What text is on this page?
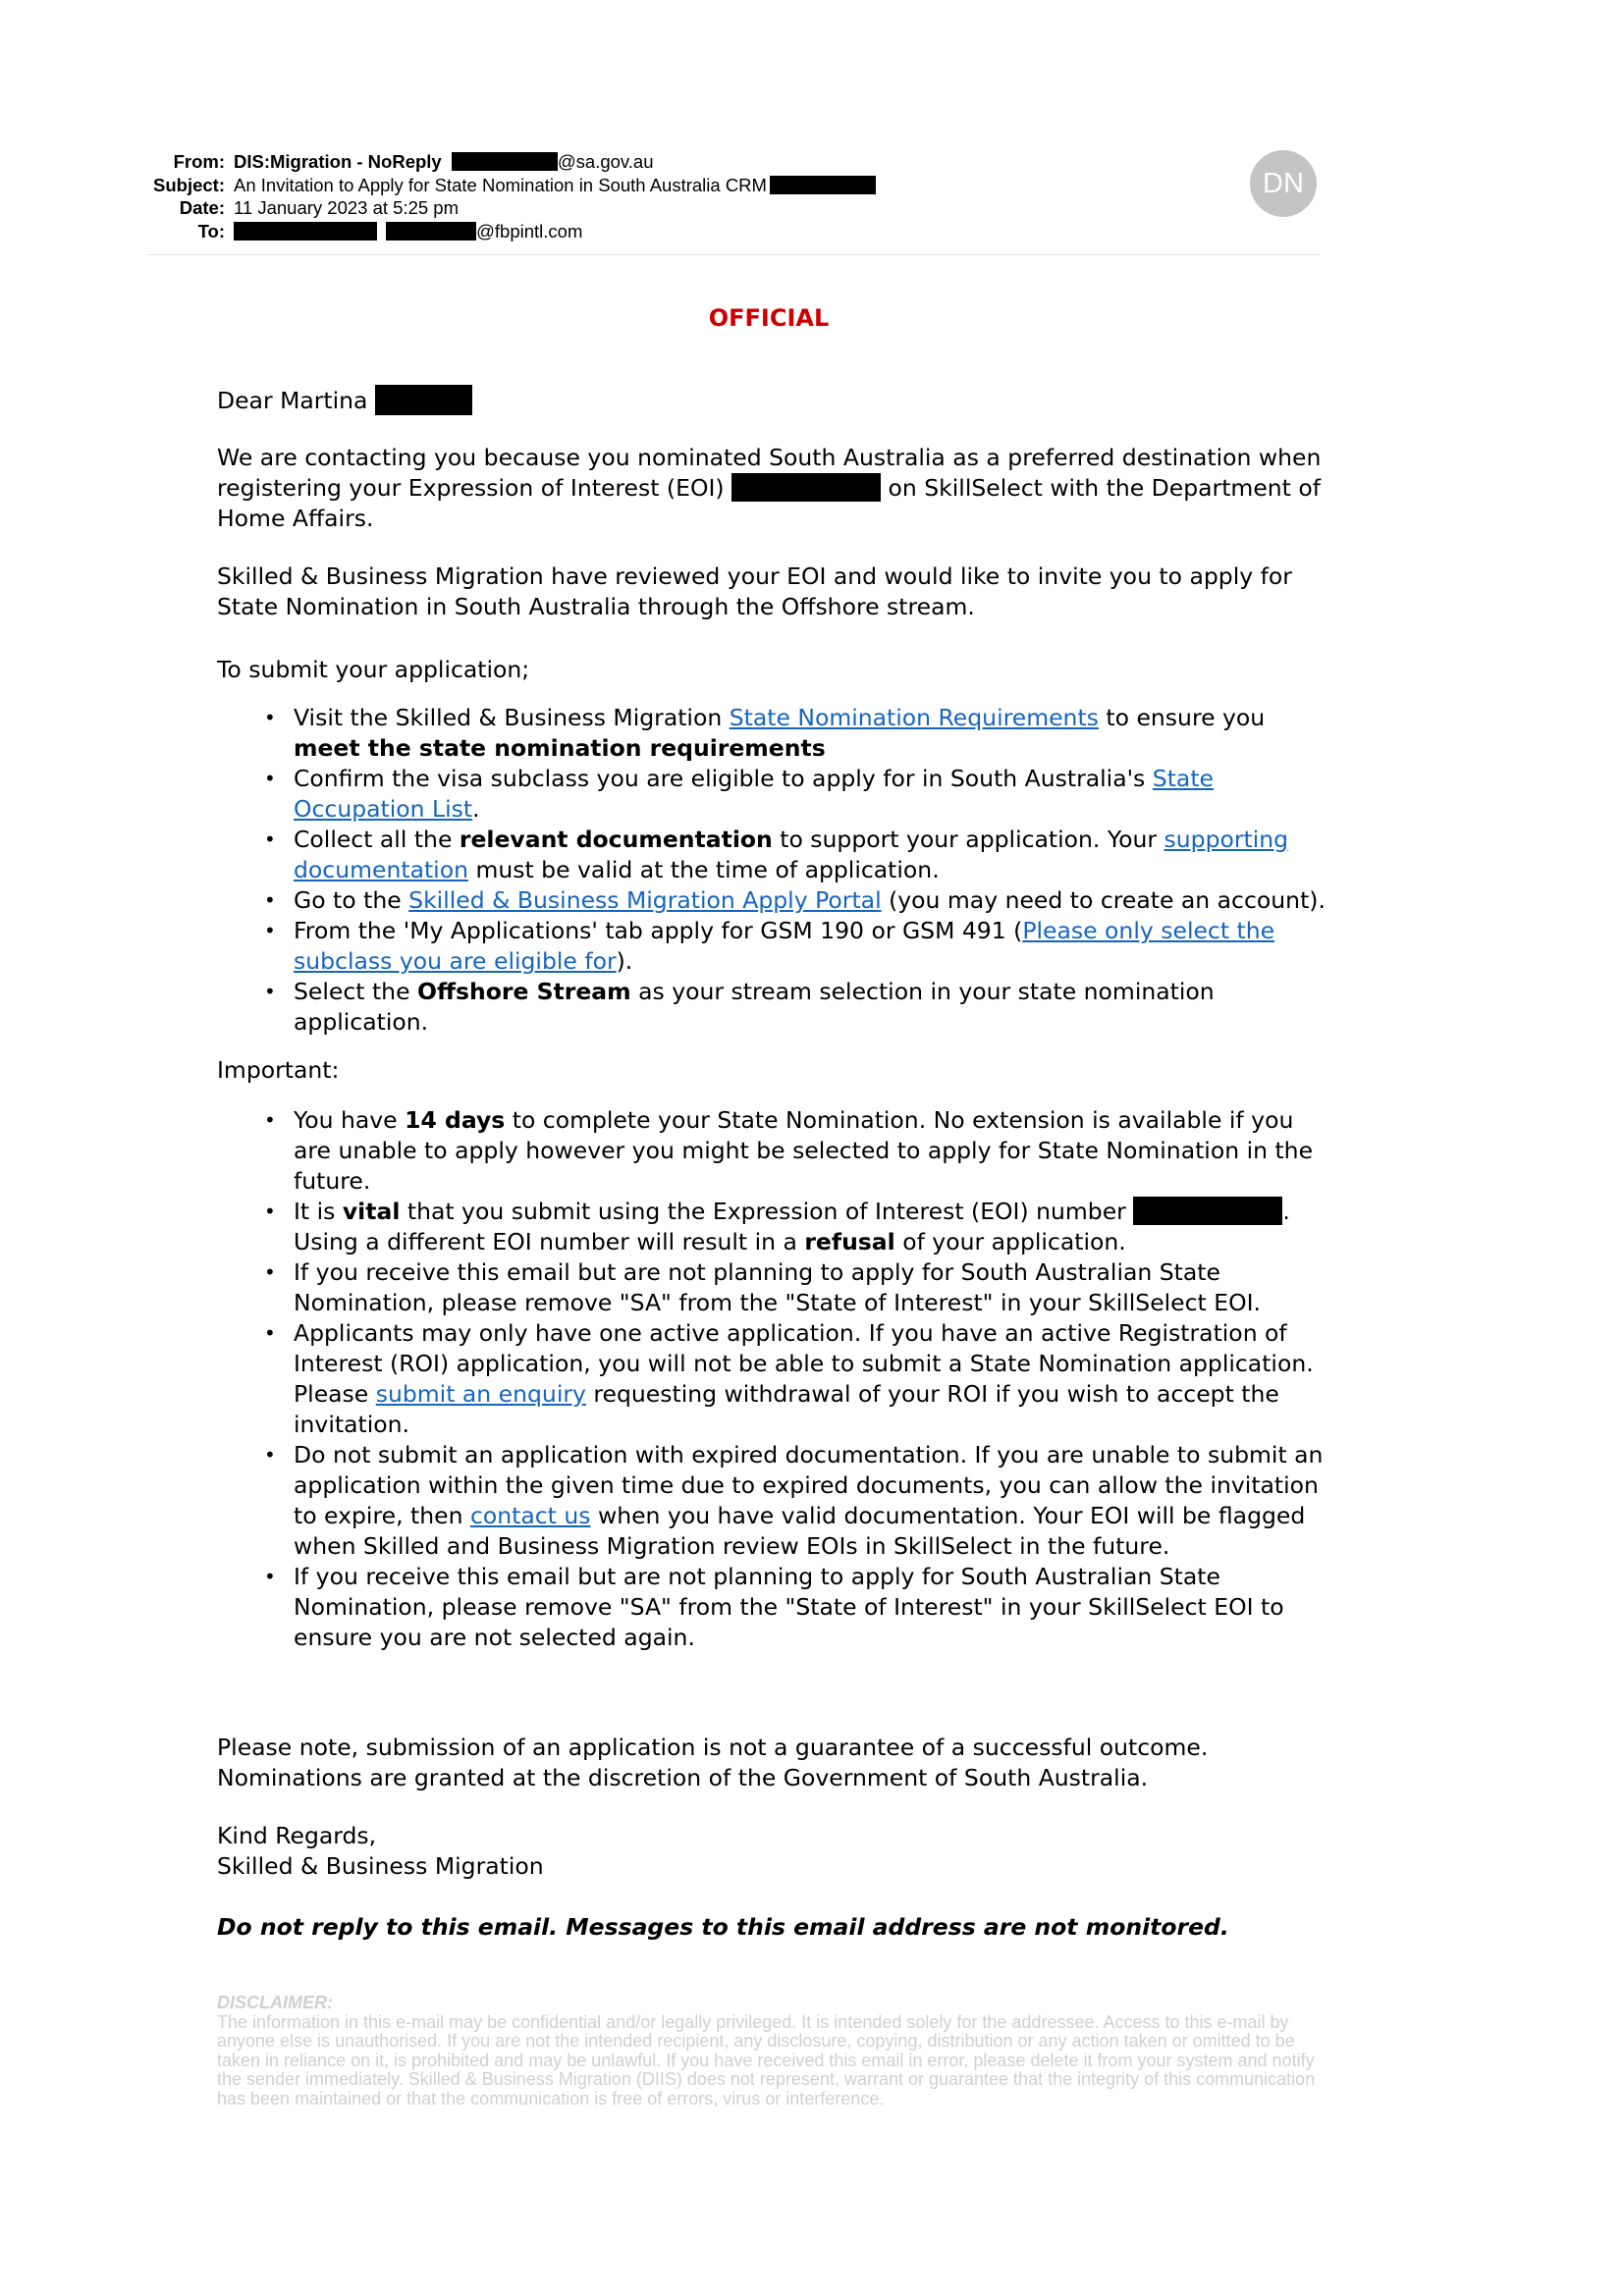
From: DIS:Migration - NoReply	@sa.gov.au
Subject: An Invitation to Apply for State Nomination in South Australia CRM
Date: 11 January 2023 at 5:25 pm
To:	@fbpintl.com
DN
OFFICIAL

Dear Martina

We are contacting you because you nominated South Australia as a preferred destination when registering your Expression of Interest (EOI)	on SkillSelect with the Department of Home Affairs.

Skilled & Business Migration have reviewed your EOI and would like to invite you to apply for State Nomination in South Australia through the Offshore stream.

To submit your application;

• Visit the Skilled & Business Migration State Nomination Requirements to ensure you meet the state nomination requirements
• Confirm the visa subclass you are eligible to apply for in South Australia's State Occupation List.
• Collect all the relevant documentation to support your application. Your supporting documentation must be valid at the time of application.
• Go to the Skilled & Business Migration Apply Portal (you may need to create an account).
• From the 'My Applications' tab apply for GSM 190 or GSM 491 (Please only select the subclass you are eligible for).
• Select the Offshore Stream as your stream selection in your state nomination application.

Important:

• You have 14 days to complete your State Nomination. No extension is available if you are unable to apply however you might be selected to apply for State Nomination in the future.
• It is vital that you submit using the Expression of Interest (EOI) number	.
Using a different EOI number will result in a refusal of your application.
• If you receive this email but are not planning to apply for South Australian State Nomination, please remove "SA" from the "State of Interest" in your SkillSelect EOI.
• Applicants may only have one active application. If you have an active Registration of Interest (ROI) application, you will not be able to submit a State Nomination application. Please submit an enquiry requesting withdrawal of your ROI if you wish to accept the invitation.
• Do not submit an application with expired documentation. If you are unable to submit an application within the given time due to expired documents, you can allow the invitation to expire, then contact us when you have valid documentation. Your EOI will be flagged when Skilled and Business Migration review EOIs in SkillSelect in the future.
• If you receive this email but are not planning to apply for South Australian State Nomination, please remove "SA" from the "State of Interest" in your SkillSelect EOI to ensure you are not selected again.

Please note, submission of an application is not a guarantee of a successful outcome. Nominations are granted at the discretion of the Government of South Australia.

Kind Regards,

Skilled & Business Migration

Do not reply to this email. Messages to this email address are not monitored.

DISCLAIMER:
The information in this e-mail may be confidential and/or legally privileged. It is intended solely for the addressee. Access to this e-mail by anyone else is unauthorised. If you are not the intended recipient, any disclosure, copying, distribution or any action taken or omitted to be taken in reliance on it, is prohibited and may be unlawful. If you have received this email in error, please delete it from your system and notify the sender immediately. Skilled & Business Migration (DIIS) does not represent, warrant or guarantee that the integrity of this communication has been maintained or that the communication is free of errors, virus or interference.
